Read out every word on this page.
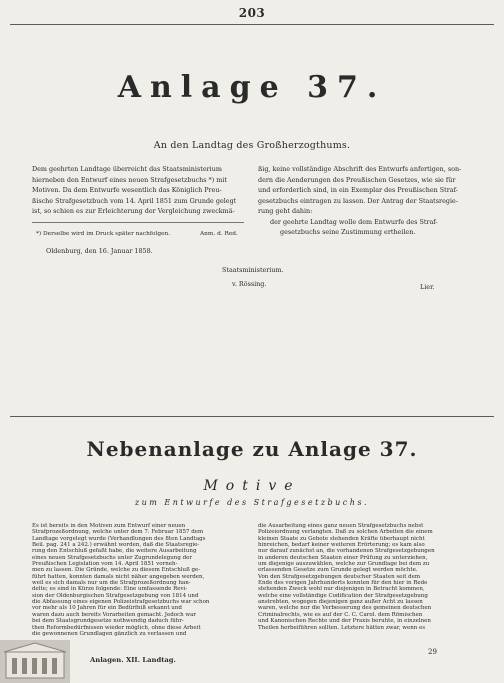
203
Anlage 37.
An den Landtag des Großherzogthums.

Dem geehrten Landtage überreicht das Staatsministerium

hierneben den Entwurf eines neuen Strafgesetzbuchs *) mit

Motiven. Da dem Entwurfe wesentlich das Königlich Preu-

ßische Strafgesetzbuch vom 14. April 1851 zum Grunde gelegt

ist, so schien es zur Erleichterung der Vergleichung zweckmä-

ßig, keine vollständige Abschrift des Entwurfs anfertigen, son-

dern die Aenderungen des Preußischen Gesetzes, wie sie für

und erforderlich sind, in ein Exemplar des Preußischen Straf-

gesetzbuchs eintragen zu lassen. Der Antrag der Staatsregie-

rung geht dahin:

der geehrte Landtag wolle dem Entwurfe des Straf-

gesetzbuchs seine Zustimmung ertheilen.

*) Derselbe wird im Druck später nachfolgen.	Anm. d. Red.
Oldenburg, den 16. Januar 1858.
Staatsministerium.
v. Rössing.	Lier.
Nebenanlage zu Anlage 37.
Motive
zum Entwurfe des Strafgesetzbuchs.

Es ist bereits in den Motiven zum Entwurf einer neuen

Strafprozeßordnung, welche unter dem 7. Februar 1857 dem

Landtage vorgelegt wurde (Verhandlungen des 8ten Landtags

Beil. pag. 241 a 242.) erwähnt worden, daß die Staatsregie-

rung den Entschluß gefaßt habe, die weitere Ausarbeitung

eines neuen Strafgesetzbuchs unter Zugrundelegung der

Preußischen Legislation vom 14. April 1851 vorneh-

men zu lassen. Die Gründe, welche zu diesem Entschluß ge-

führt hatten, konnten damals nicht näher angegeben werden,

weil es sich damals nur um die Strafprozeßordnung han-

delte; es sind in Kürze folgende: Eine umfassende Revi-

sion der Oldenburgischen Strafgesetzgebung von 1814 und

die Abfassung eines eigenen Polizeistrafgesetzbuchs war schon

vor mehr als 10 Jahren für ein Bedürfniß erkannt und

waren dazu auch bereits Vorarbeiten gemacht. Jedoch war

bei dem Staatsgrundgesetze nothwendig daduch führ-

then Reformbedürfnissen wieder möglich, ohne diese Arbeit

die gewonnenen Grundlagen gänzlich zu verlassen und

die Ausarbeitung eines ganz neuen Strafgesetzbuchs nebst

Polizeiordnung verlangten. Daß zu solchen Arbeiten die einem

kleinen Staate zu Gebote stehenden Kräfte überhaupt nicht

hinreichen, bedarf keiner weiteren Erörterung; es kam also

nur darauf zunächst an, die vorhandenen Strafgesetzgebungen

in anderen deutschen Staaten einer Prüfung zu unterziehen,

um diejenige auszuwählen, welche zur Grundlage bei dem zu

erlassenden Gesetze zum Grunde gelegt werden möchte.

Von den Strafgesetzgebungen deutscher Staaten seit dem

Ende des vorigen Jahrhunderts konnten für den hier in Rede

stehenden Zweck wohl nur diejenigen in Betracht kommen,

welche eine vollständige Codification der Strafgesetzgebung

anstrebten, wogegen diejenigen ganz außer Acht zu lassen

waren, welche nur die Verbesserung des gemeinen deutschen

Criminalrechts, wie es auf der C. C. Carol. dem Römischen

und Kanonischen Rechte und der Praxis beruhte, in einzelnen

Theilen herbeiführen sollten. Letztere hätten zwar, wenn es

Anlagen. XII. Landtag.
29
